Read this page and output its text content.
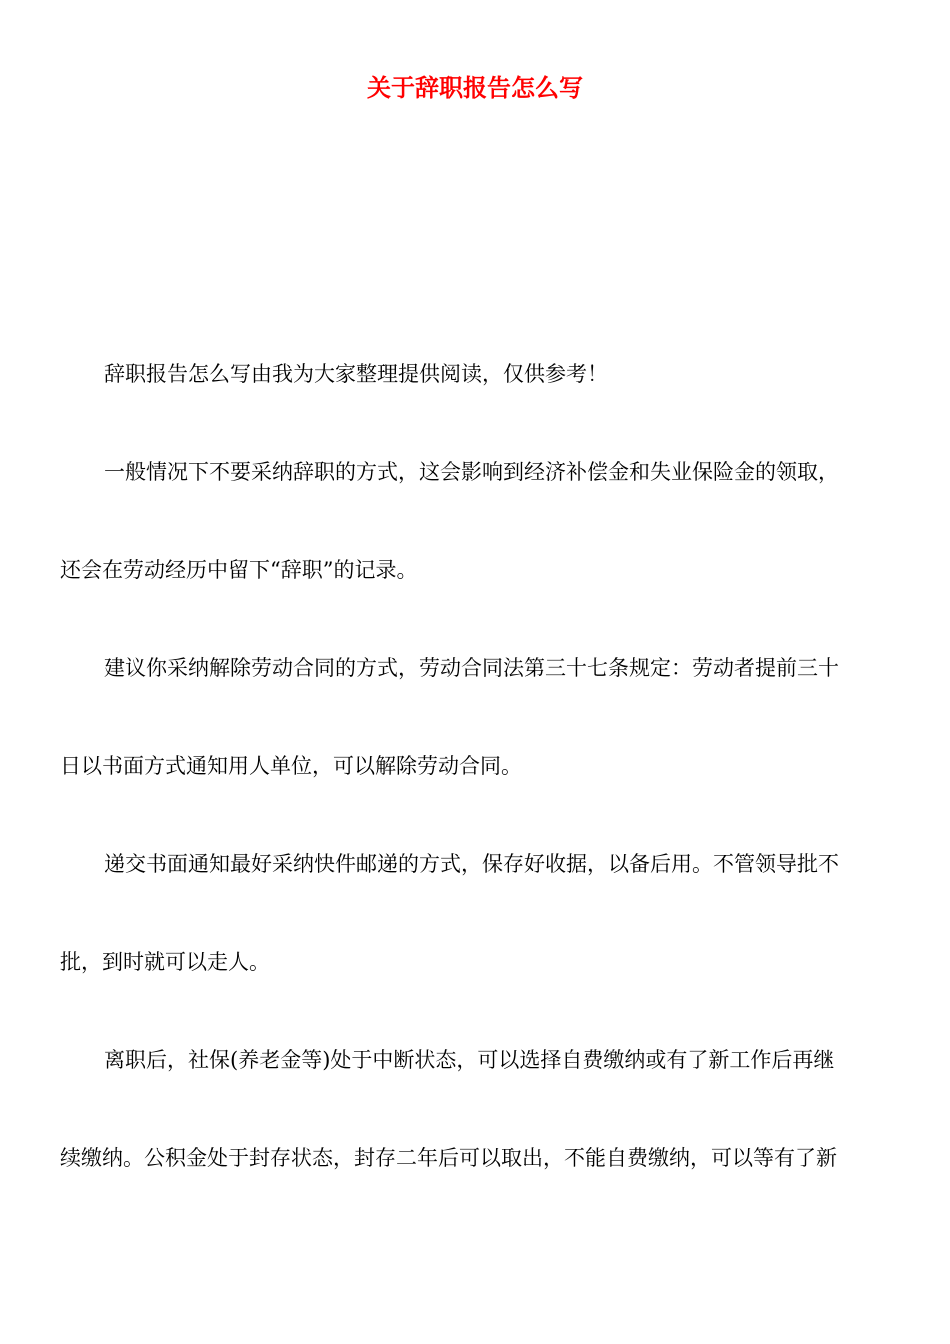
关于辞职报告怎么写
辞职报告怎么写由我为大家整理提供阅读，仅供参考！
一般情况下不要采纳辞职的方式，这会影响到经济补偿金和失业保险金的领取，
还会在劳动经历中留下“辞职”的记录。
建议你采纳解除劳动合同的方式，劳动合同法第三十七条规定：劳动者提前三十
日以书面方式通知用人单位，可以解除劳动合同。
递交书面通知最好采纳快件邮递的方式，保存好收据，以备后用。不管领导批不
批，到时就可以走人。
离职后，社保(养老金等)处于中断状态，可以选择自费缴纳或有了新工作后再继
续缴纳。公积金处于封存状态，封存二年后可以取出，不能自费缴纳，可以等有了新
